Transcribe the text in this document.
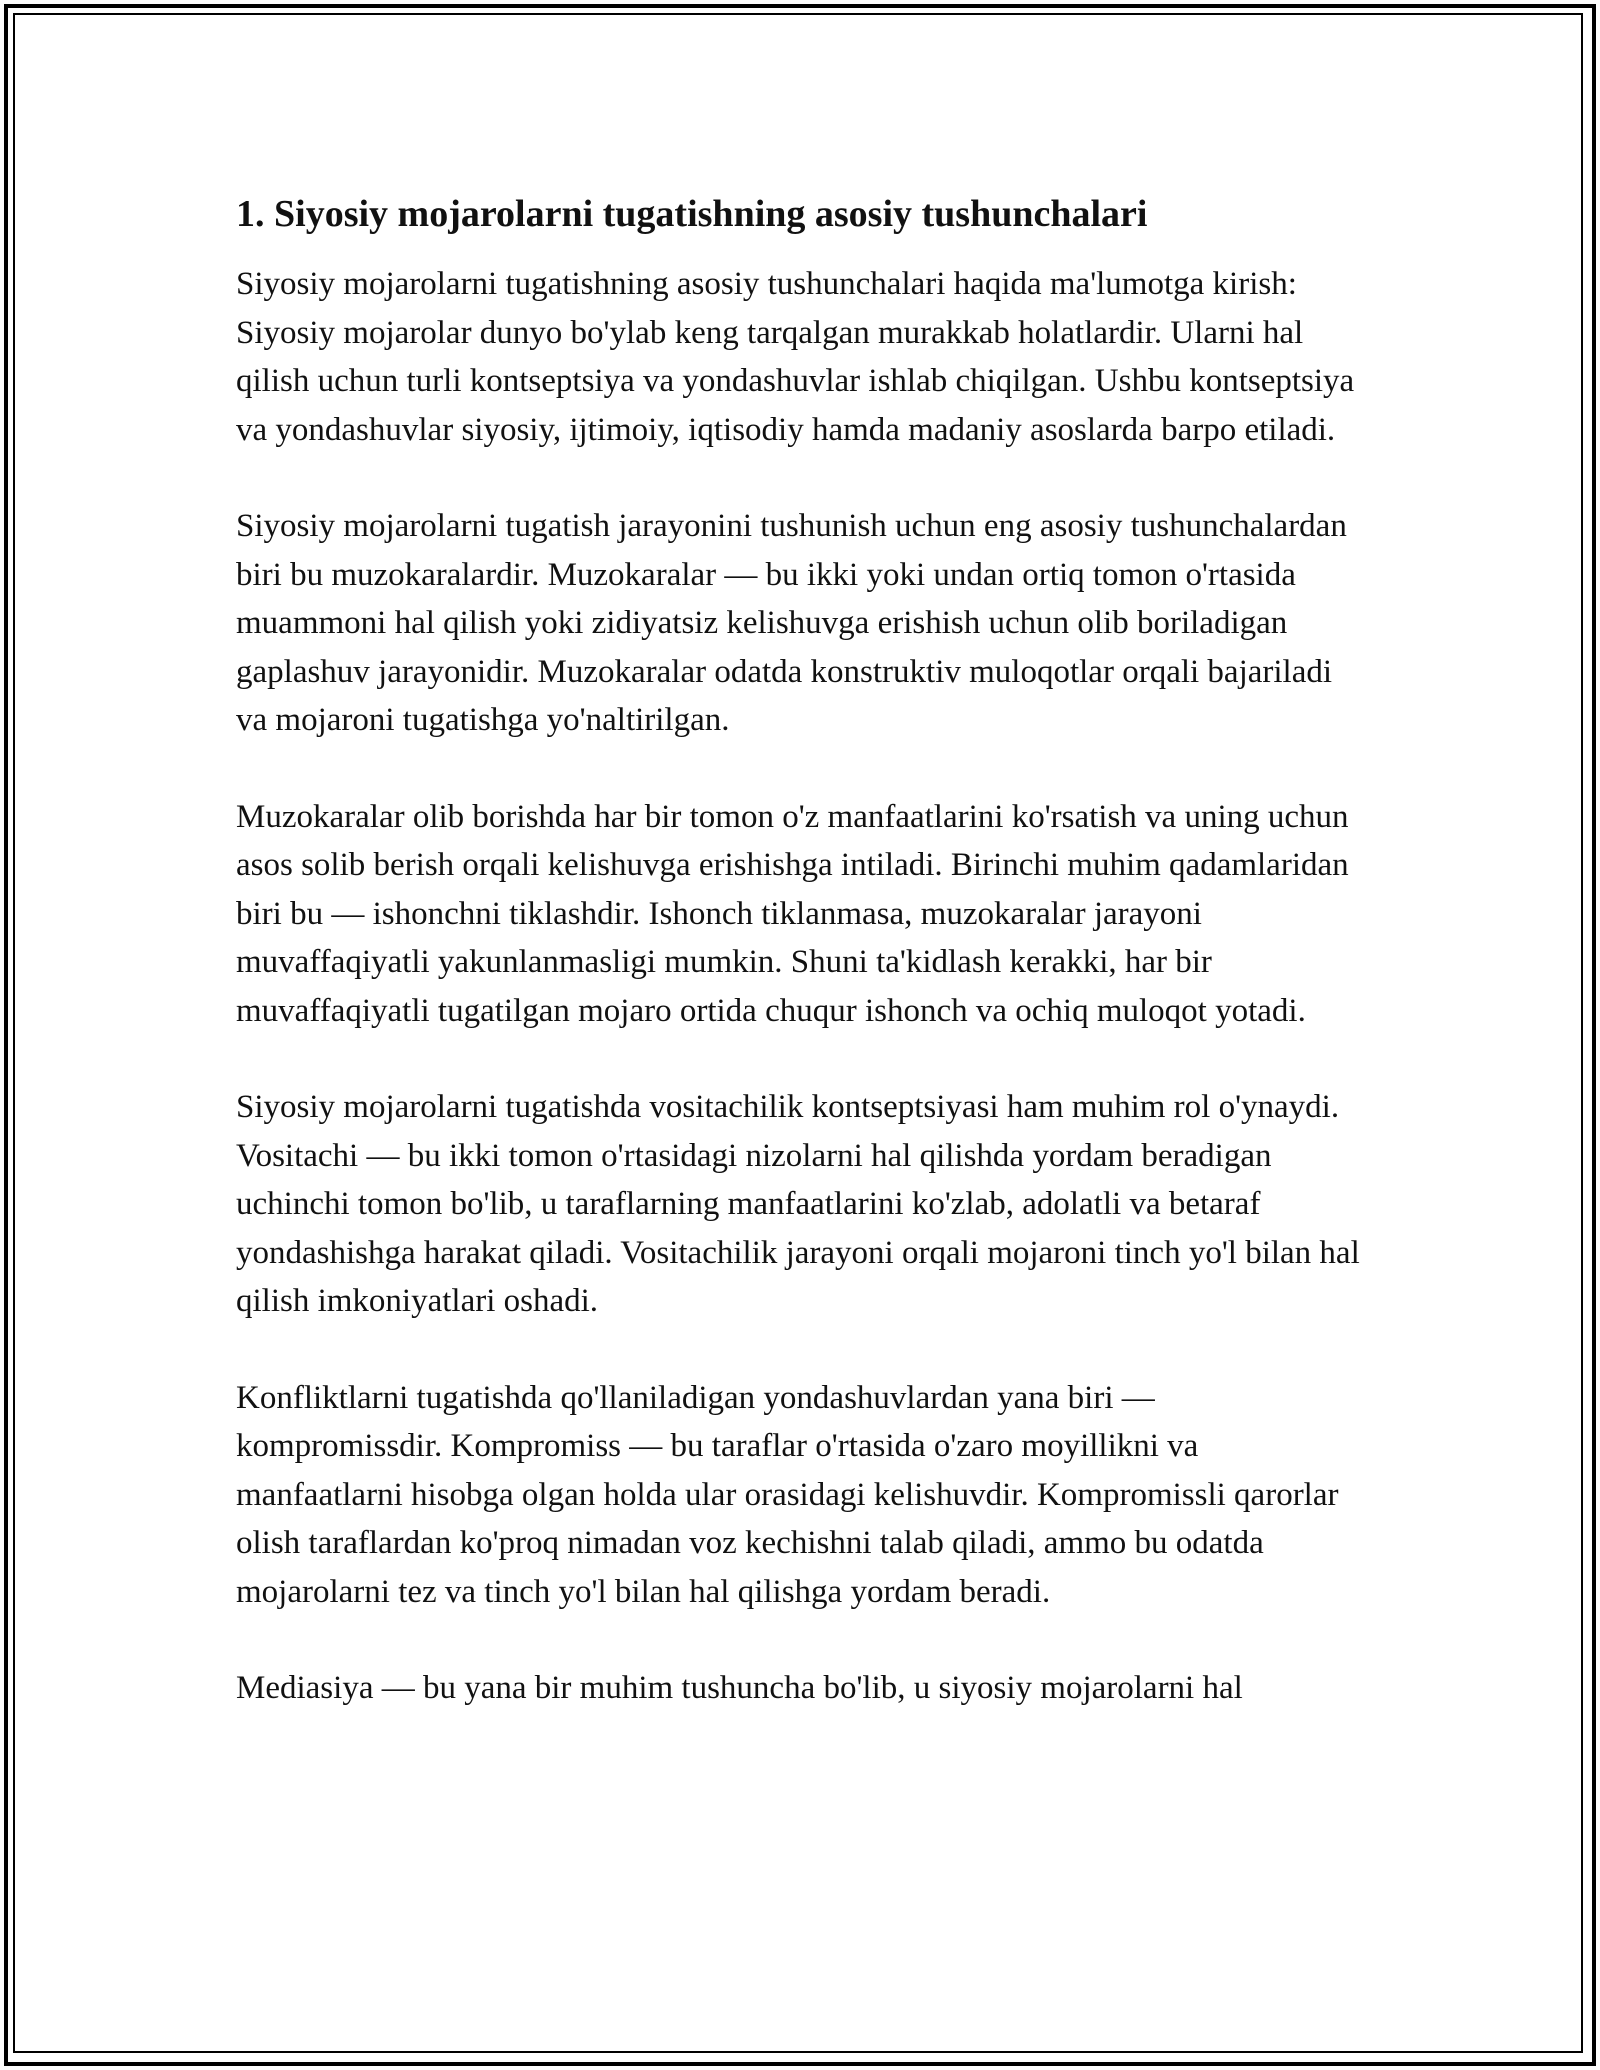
1. Siyosiy mojarolarni tugatishning asosiy tushunchalari

Siyosiy mojarolarni tugatishning asosiy tushunchalari haqida ma'lumotga kirish: Siyosiy mojarolar dunyo bo'ylab keng tarqalgan murakkab holatlardir. Ularni hal qilish uchun turli kontseptsiya va yondashuvlar ishlab chiqilgan. Ushbu kontseptsiya va yondashuvlar siyosiy, ijtimoiy, iqtisodiy hamda madaniy asoslarda barpo etiladi.

Siyosiy mojarolarni tugatish jarayonini tushunish uchun eng asosiy tushunchalardan biri bu muzokaralardir. Muzokaralar — bu ikki yoki undan ortiq tomon o'rtasida muammoni hal qilish yoki zidiyatsiz kelishuvga erishish uchun olib boriladigan gaplashuv jarayonidir. Muzokaralar odatda konstruktiv muloqotlar orqali bajariladi va mojaroni tugatishga yo'naltirilgan.

Muzokaralar olib borishda har bir tomon o'z manfaatlarini ko'rsatish va uning uchun asos solib berish orqali kelishuvga erishishga intiladi. Birinchi muhim qadamlaridan biri bu — ishonchni tiklashdir. Ishonch tiklanmasa, muzokaralar jarayoni muvaffaqiyatli yakunlanmasligi mumkin. Shuni ta'kidlash kerakki, har bir muvaffaqiyatli tugatilgan mojaro ortida chuqur ishonch va ochiq muloqot yotadi.

Siyosiy mojarolarni tugatishda vositachilik kontseptsiyasi ham muhim rol o'ynaydi. Vositachi — bu ikki tomon o'rtasidagi nizolarni hal qilishda yordam beradigan uchinchi tomon bo'lib, u taraflarning manfaatlarini ko'zlab, adolatli va betaraf yondashishga harakat qiladi. Vositachilik jarayoni orqali mojaroni tinch yo'l bilan hal qilish imkoniyatlari oshadi.

Konfliktlarni tugatishda qo'llaniladigan yondashuvlardan yana biri — kompromissdir. Kompromiss — bu taraflar o'rtasida o'zaro moyillikni va manfaatlarni hisobga olgan holda ular orasidagi kelishuvdir. Kompromissli qarorlar olish taraflardan ko'proq nimadan voz kechishni talab qiladi, ammo bu odatda mojarolarni tez va tinch yo'l bilan hal qilishga yordam beradi.

Mediasiya — bu yana bir muhim tushuncha bo'lib, u siyosiy mojarolarni hal
